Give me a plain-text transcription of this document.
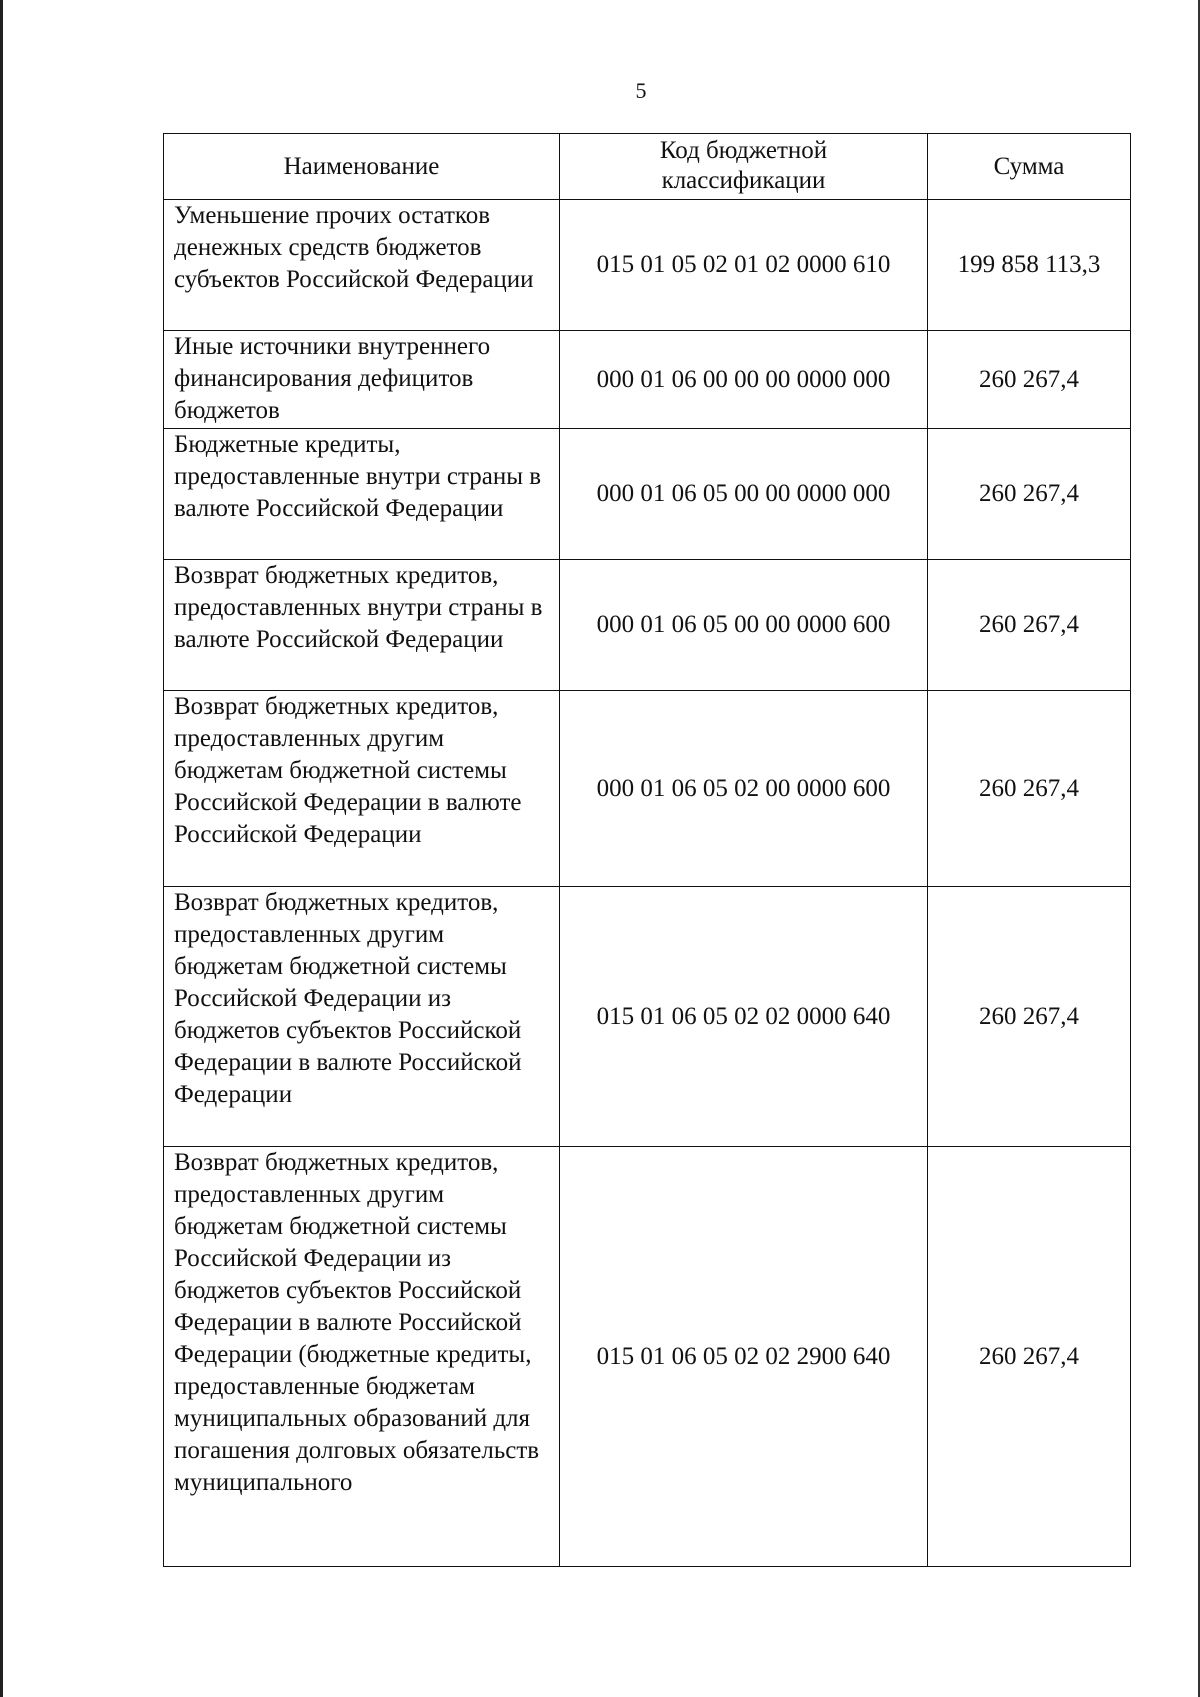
5
Наименование	Код бюджетной классификации	Сумма

Уменьшение прочих остатков денежных средств бюджетов субъектов Российской Федерации	015 01 05 02 01 02 0000 610	199 858 113,3

Иные источники внутреннего финансирования дефицитов бюджетов	000 01 06 00 00 00 0000 000	260 267,4

Бюджетные кредиты, предоставленные внутри страны в валюте Российской Федерации	000 01 06 05 00 00 0000 000	260 267,4

Возврат бюджетных кредитов, предоставленных внутри страны в валюте Российской Федерации	000 01 06 05 00 00 0000 600	260 267,4

Возврат бюджетных кредитов, предоставленных другим бюджетам бюджетной системы Российской Федерации в валюте Российской Федерации	000 01 06 05 02 00 0000 600	260 267,4

Возврат бюджетных кредитов, предоставленных другим бюджетам бюджетной системы Российской Федерации из бюджетов субъектов Российской Федерации в валюте Российской Федерации	015 01 06 05 02 02 0000 640	260 267,4

Возврат бюджетных кредитов, предоставленных другим бюджетам бюджетной системы Российской Федерации из бюджетов субъектов Российской Федерации в валюте Российской Федерации (бюджетные кредиты, предоставленные бюджетам муниципальных образований для погашения долговых обязательств муниципального	015 01 06 05 02 02 2900 640	260 267,4
